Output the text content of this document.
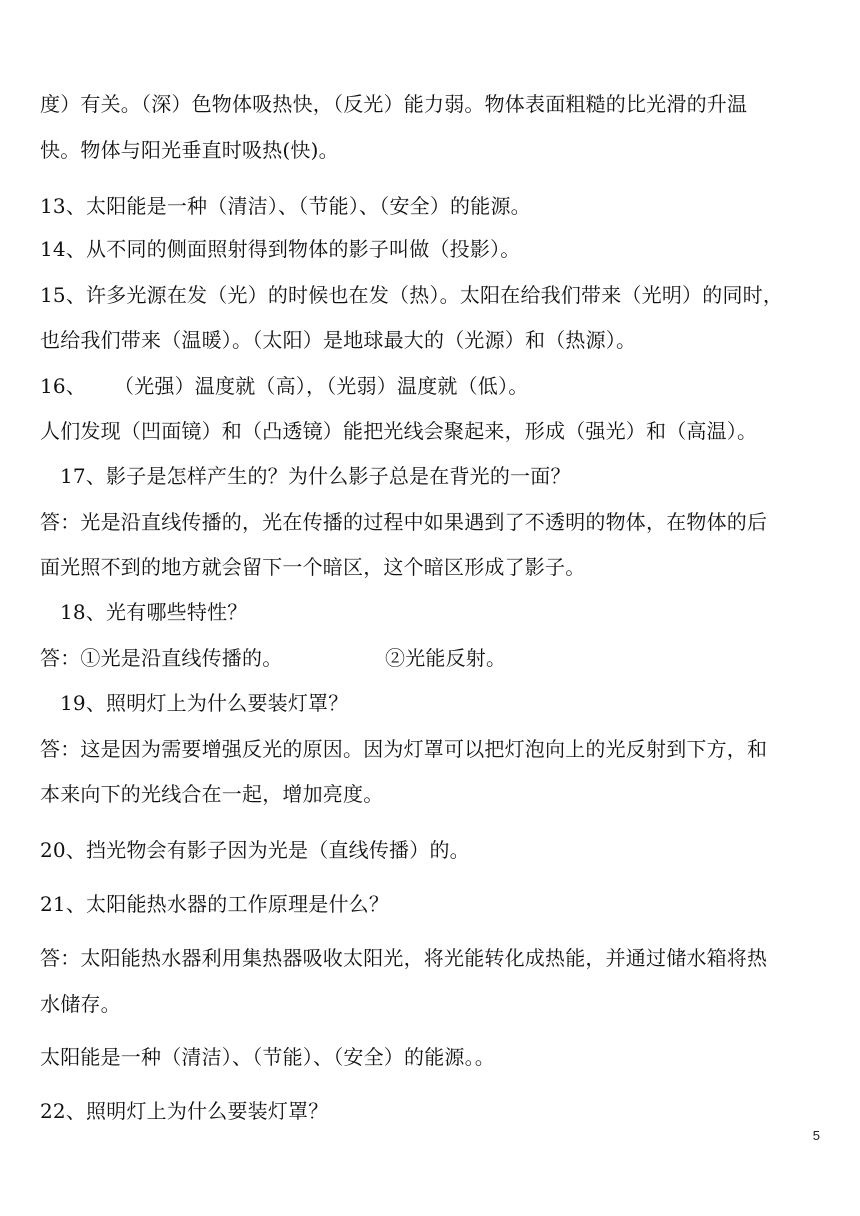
度）有关。（深）色物体吸热快，（反光）能力弱。物体表面粗糙的比光滑的升温
快。物体与阳光垂直时吸热(快)。
13、太阳能是一种（清洁）、（节能）、（安全）的能源。
14、从不同的侧面照射得到物体的影子叫做（投影）。
15、许多光源在发（光）的时候也在发（热）。太阳在给我们带来（光明）的同时，
也给我们带来（温暖）。（太阳）是地球最大的（光源）和（热源）。
16、 （光强）温度就（高），（光弱）温度就（低）。
人们发现（凹面镜）和（凸透镜）能把光线会聚起来，形成（强光）和（高温）。
17、影子是怎样产生的？为什么影子总是在背光的一面？
答：光是沿直线传播的，光在传播的过程中如果遇到了不透明的物体，在物体的后
面光照不到的地方就会留下一个暗区，这个暗区形成了影子。
18、光有哪些特性？
答：①光是沿直线传播的。	②光能反射。
19、照明灯上为什么要装灯罩？
答：这是因为需要增强反光的原因。因为灯罩可以把灯泡向上的光反射到下方，和
本来向下的光线合在一起，增加亮度。
20、挡光物会有影子因为光是（直线传播）的。
21、太阳能热水器的工作原理是什么？
答：太阳能热水器利用集热器吸收太阳光，将光能转化成热能，并通过储水箱将热
水储存。
太阳能是一种（清洁）、（节能）、（安全）的能源。。
22、照明灯上为什么要装灯罩？
5
